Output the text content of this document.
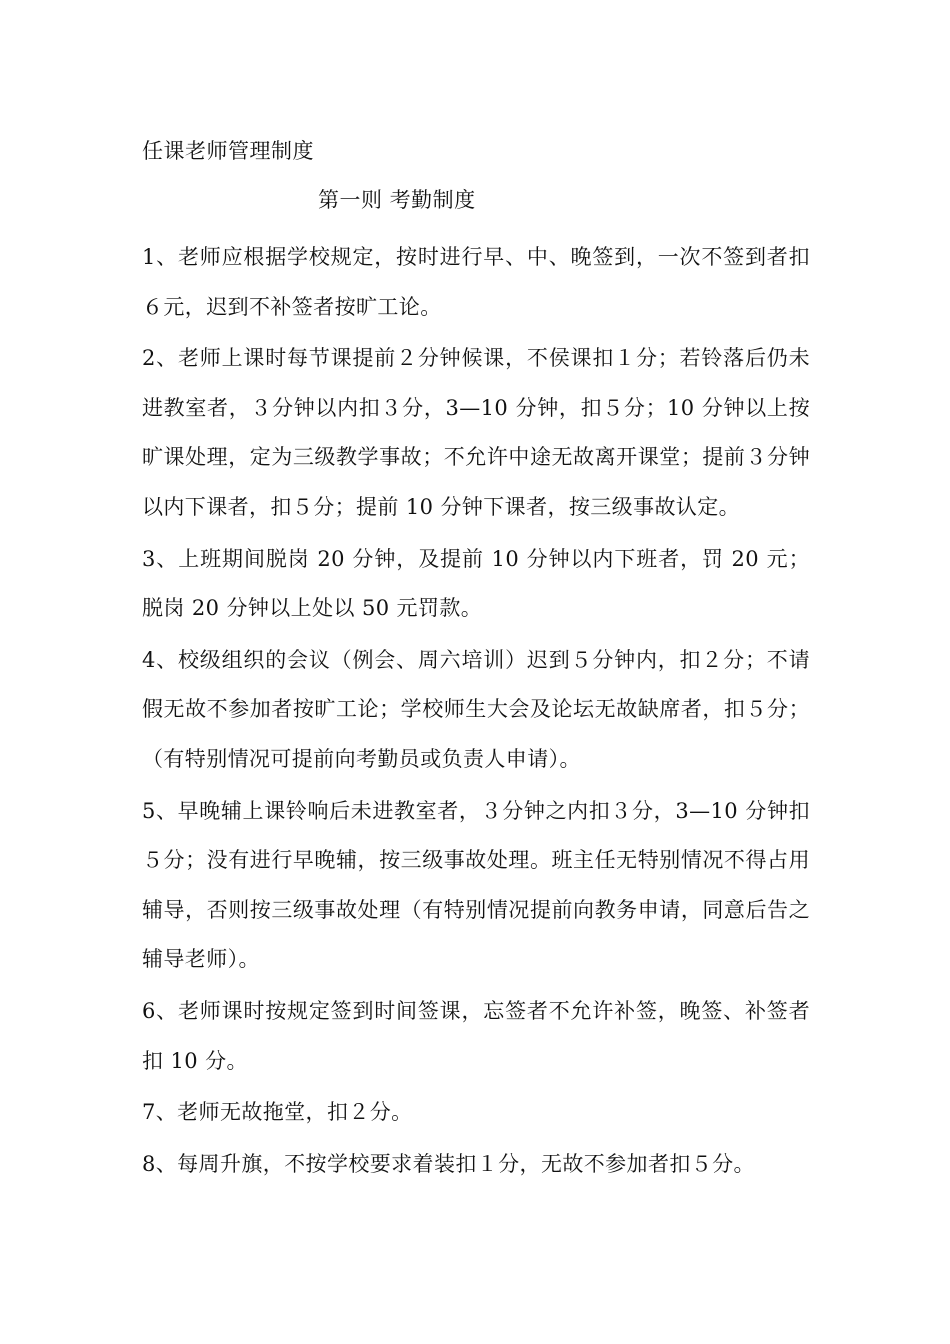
任课老师管理制度
第一则 考勤制度

1、老师应根据学校规定，按时进行早、中、晚签到，一次不签到者扣６元，迟到不补签者按旷工论。

2、老师上课时每节课提前２分钟候课，不侯课扣１分；若铃落后仍未进教室者，３分钟以内扣３分，3—10 分钟，扣５分；10 分钟以上按旷课处理，定为三级教学事故；不允许中途无故离开课堂；提前３分钟以内下课者，扣５分；提前 10 分钟下课者，按三级事故认定。

3、上班期间脱岗 20 分钟，及提前 10 分钟以内下班者，罚 20 元；脱岗 20 分钟以上处以 50 元罚款。

4、校级组织的会议（例会、周六培训）迟到５分钟内，扣２分；不请假无故不参加者按旷工论；学校师生大会及论坛无故缺席者，扣５分；（有特别情况可提前向考勤员或负责人申请）。

5、早晚辅上课铃响后未进教室者，３分钟之内扣３分，3—10 分钟扣５分；没有进行早晚辅，按三级事故处理。班主任无特别情况不得占用辅导，否则按三级事故处理（有特别情况提前向教务申请，同意后告之辅导老师）。

6、老师课时按规定签到时间签课，忘签者不允许补签，晚签、补签者扣 10 分。

7、老师无故拖堂，扣２分。

8、每周升旗，不按学校要求着装扣１分，无故不参加者扣５分。
